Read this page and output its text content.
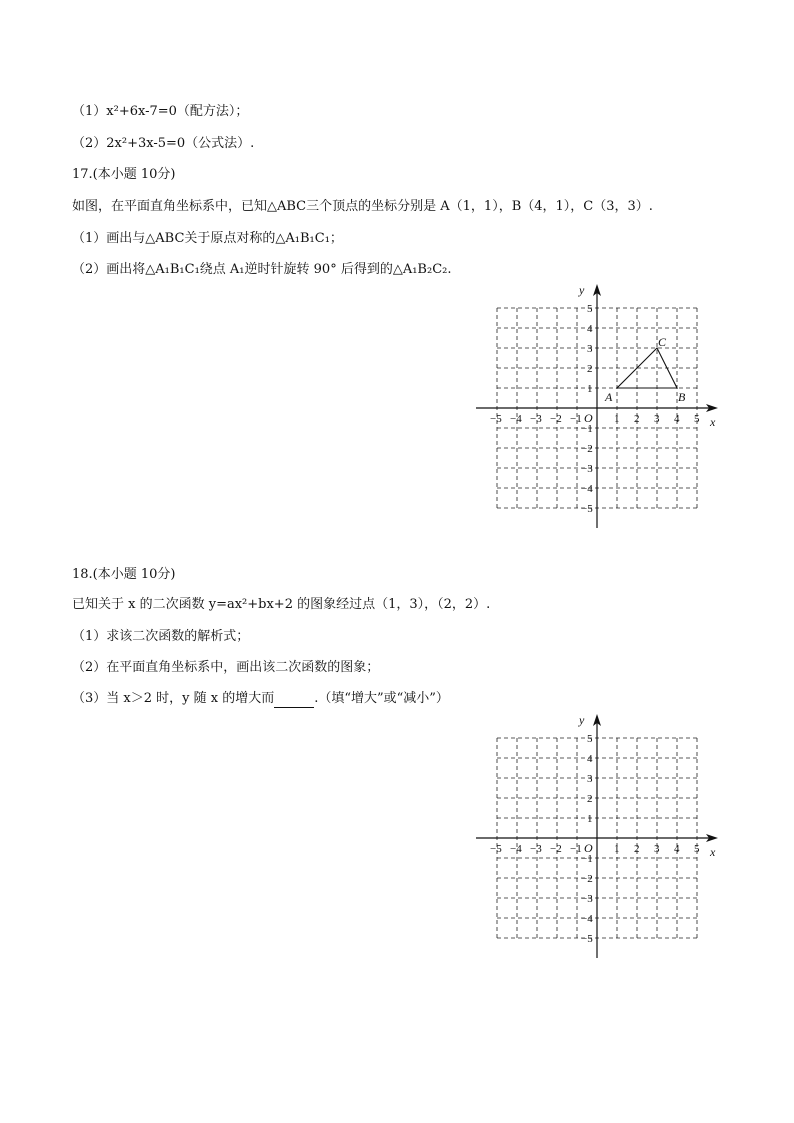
（1）x²+6x-7=0（配方法）；
（2）2x²+3x-5=0（公式法）.
17.(本小题 10分)
如图，在平面直角坐标系中，已知△ABC三个顶点的坐标分别是 A（1，1），B（4，1），C（3，3）.
（1）画出与△ABC关于原点对称的△A₁B₁C₁；
（2）画出将△A₁B₁C₁绕点 A₁逆时针旋转 90° 后得到的△A₁B₂C₂.
x
y
O
−5 −4 −3 −2 −1	1 2 3 4 5
5
4
3
2
1
−1
−2
−3
−4
−5
A	B
C
18.(本小题 10分)
已知关于 x 的二次函数 y=ax²+bx+2 的图象经过点（1，3），（2，2）.
（1）求该二次函数的解析式；
（2）在平面直角坐标系中，画出该二次函数的图象；
（3）当 x＞2 时，y 随 x 的增大而	.（填“增大”或“减小”）
x
y
O
−5 −4 −3 −2 −1	1 2 3 4 5
5
4
3
2
1
−1
−2
−3
−4
−5
